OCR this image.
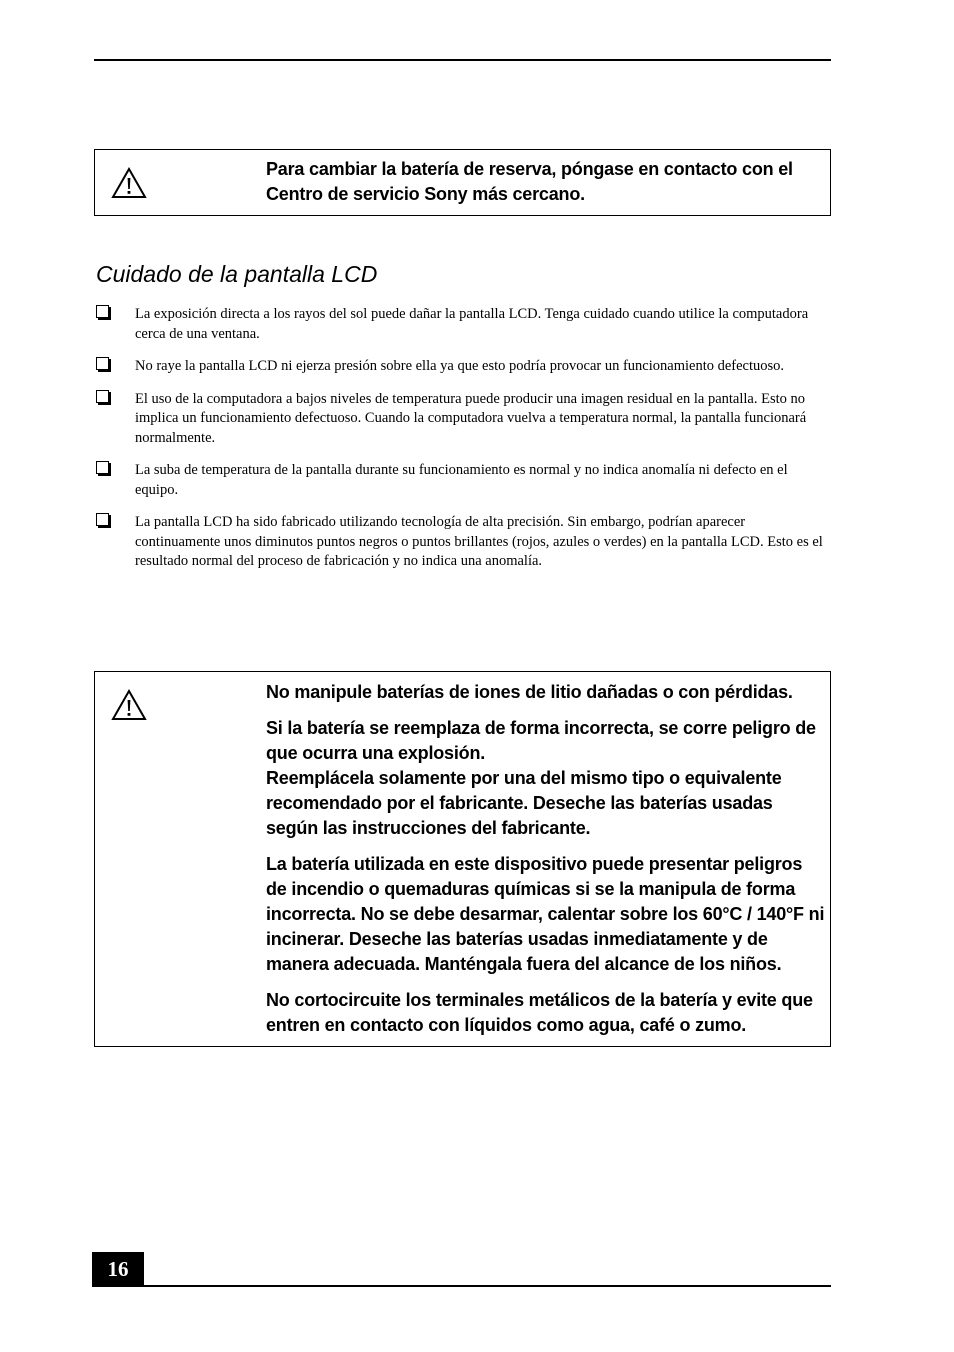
Para cambiar la batería de reserva, póngase en contacto con el Centro de servicio Sony más cercano.

Cuidado de la pantalla LCD
La exposición directa a los rayos del sol puede dañar la pantalla LCD. Tenga cuidado cuando utilice la computadora cerca de una ventana.
No raye la pantalla LCD ni ejerza presión sobre ella ya que esto podría provocar un funcionamiento defectuoso.
El uso de la computadora a bajos niveles de temperatura puede producir una imagen residual en la pantalla. Esto no implica un funcionamiento defectuoso. Cuando la computadora vuelva a temperatura normal, la pantalla funcionará normalmente.
La suba de temperatura de la pantalla durante su funcionamiento es normal y no indica anomalía ni defecto en el equipo.
La pantalla LCD ha sido fabricado utilizando tecnología de alta precisión. Sin embargo, podrían aparecer continuamente unos diminutos puntos negros o puntos brillantes (rojos, azules o verdes) en la pantalla LCD. Esto es el resultado normal del proceso de fabricación y no indica una anomalía.

No manipule baterías de iones de litio dañadas o con pérdidas.

Si la batería se reemplaza de forma incorrecta, se corre peligro de que ocurra una explosión.

Reemplácela solamente por una del mismo tipo o equivalente recomendado por el fabricante. Deseche las baterías usadas según las instrucciones del fabricante.

La batería utilizada en este dispositivo puede presentar peligros de incendio o quemaduras químicas si se la manipula de forma incorrecta. No se debe desarmar, calentar sobre los 60°C / 140°F ni incinerar. Deseche las baterías usadas inmediatamente y de manera adecuada. Manténgala fuera del alcance de los niños.

No cortocircuite los terminales metálicos de la batería y evite que entren en contacto con líquidos como agua, café o zumo.

16
